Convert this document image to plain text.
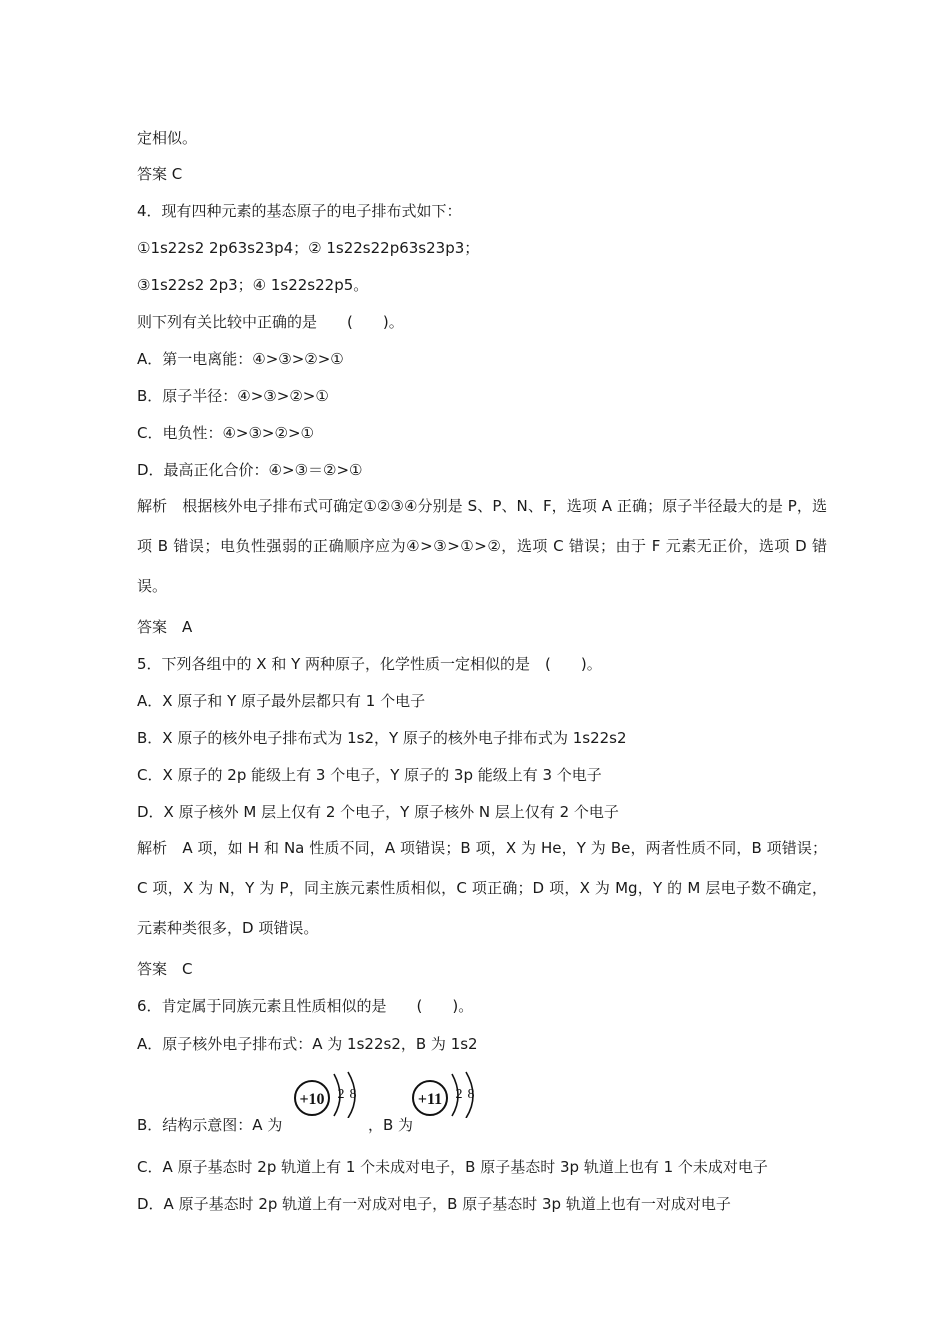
定相似。
答案 C
4．现有四种元素的基态原子的电子排布式如下：
①1s22s2 2p63s23p4；② 1s22s22p63s23p3；
③1s22s2 2p3；④ 1s22s22p5。
则下列有关比较中正确的是　　(　　)。
A．第一电离能：④>③>②>①
B．原子半径：④>③>②>①
C．电负性：④>③>②>①
D．最高正化合价：④>③＝②>①
解析　根据核外电子排布式可确定①②③④分别是 S、P、N、F，选项 A 正确；原子半径最大的是 P，选项 B 错误；电负性强弱的正确顺序应为④>③>①>②，选项 C 错误；由于 F 元素无正价，选项 D 错误。
答案　A
5．下列各组中的 X 和 Y 两种原子，化学性质一定相似的是　(　　)。
A．X 原子和 Y 原子最外层都只有 1 个电子
B．X 原子的核外电子排布式为 1s2，Y 原子的核外电子排布式为 1s22s2
C．X 原子的 2p 能级上有 3 个电子，Y 原子的 3p 能级上有 3 个电子
D．X 原子核外 M 层上仅有 2 个电子，Y 原子核外 N 层上仅有 2 个电子
解析　A 项，如 H 和 Na 性质不同，A 项错误；B 项，X 为 He，Y 为 Be，两者性质不同，B 项错误；C 项，X 为 N，Y 为 P，同主族元素性质相似，C 项正确；D 项，X 为 Mg，Y 的 M 层电子数不确定，元素种类很多，D 项错误。
答案　C
6．肯定属于同族元素且性质相似的是　　(　　)。
A．原子核外电子排布式：A 为 1s22s2，B 为 1s2
B．结构示意图：A 为
+10 2 8
，B 为
+11 2 8
C．A 原子基态时 2p 轨道上有 1 个未成对电子，B 原子基态时 3p 轨道上也有 1 个未成对电子
D．A 原子基态时 2p 轨道上有一对成对电子，B 原子基态时 3p 轨道上也有一对成对电子
